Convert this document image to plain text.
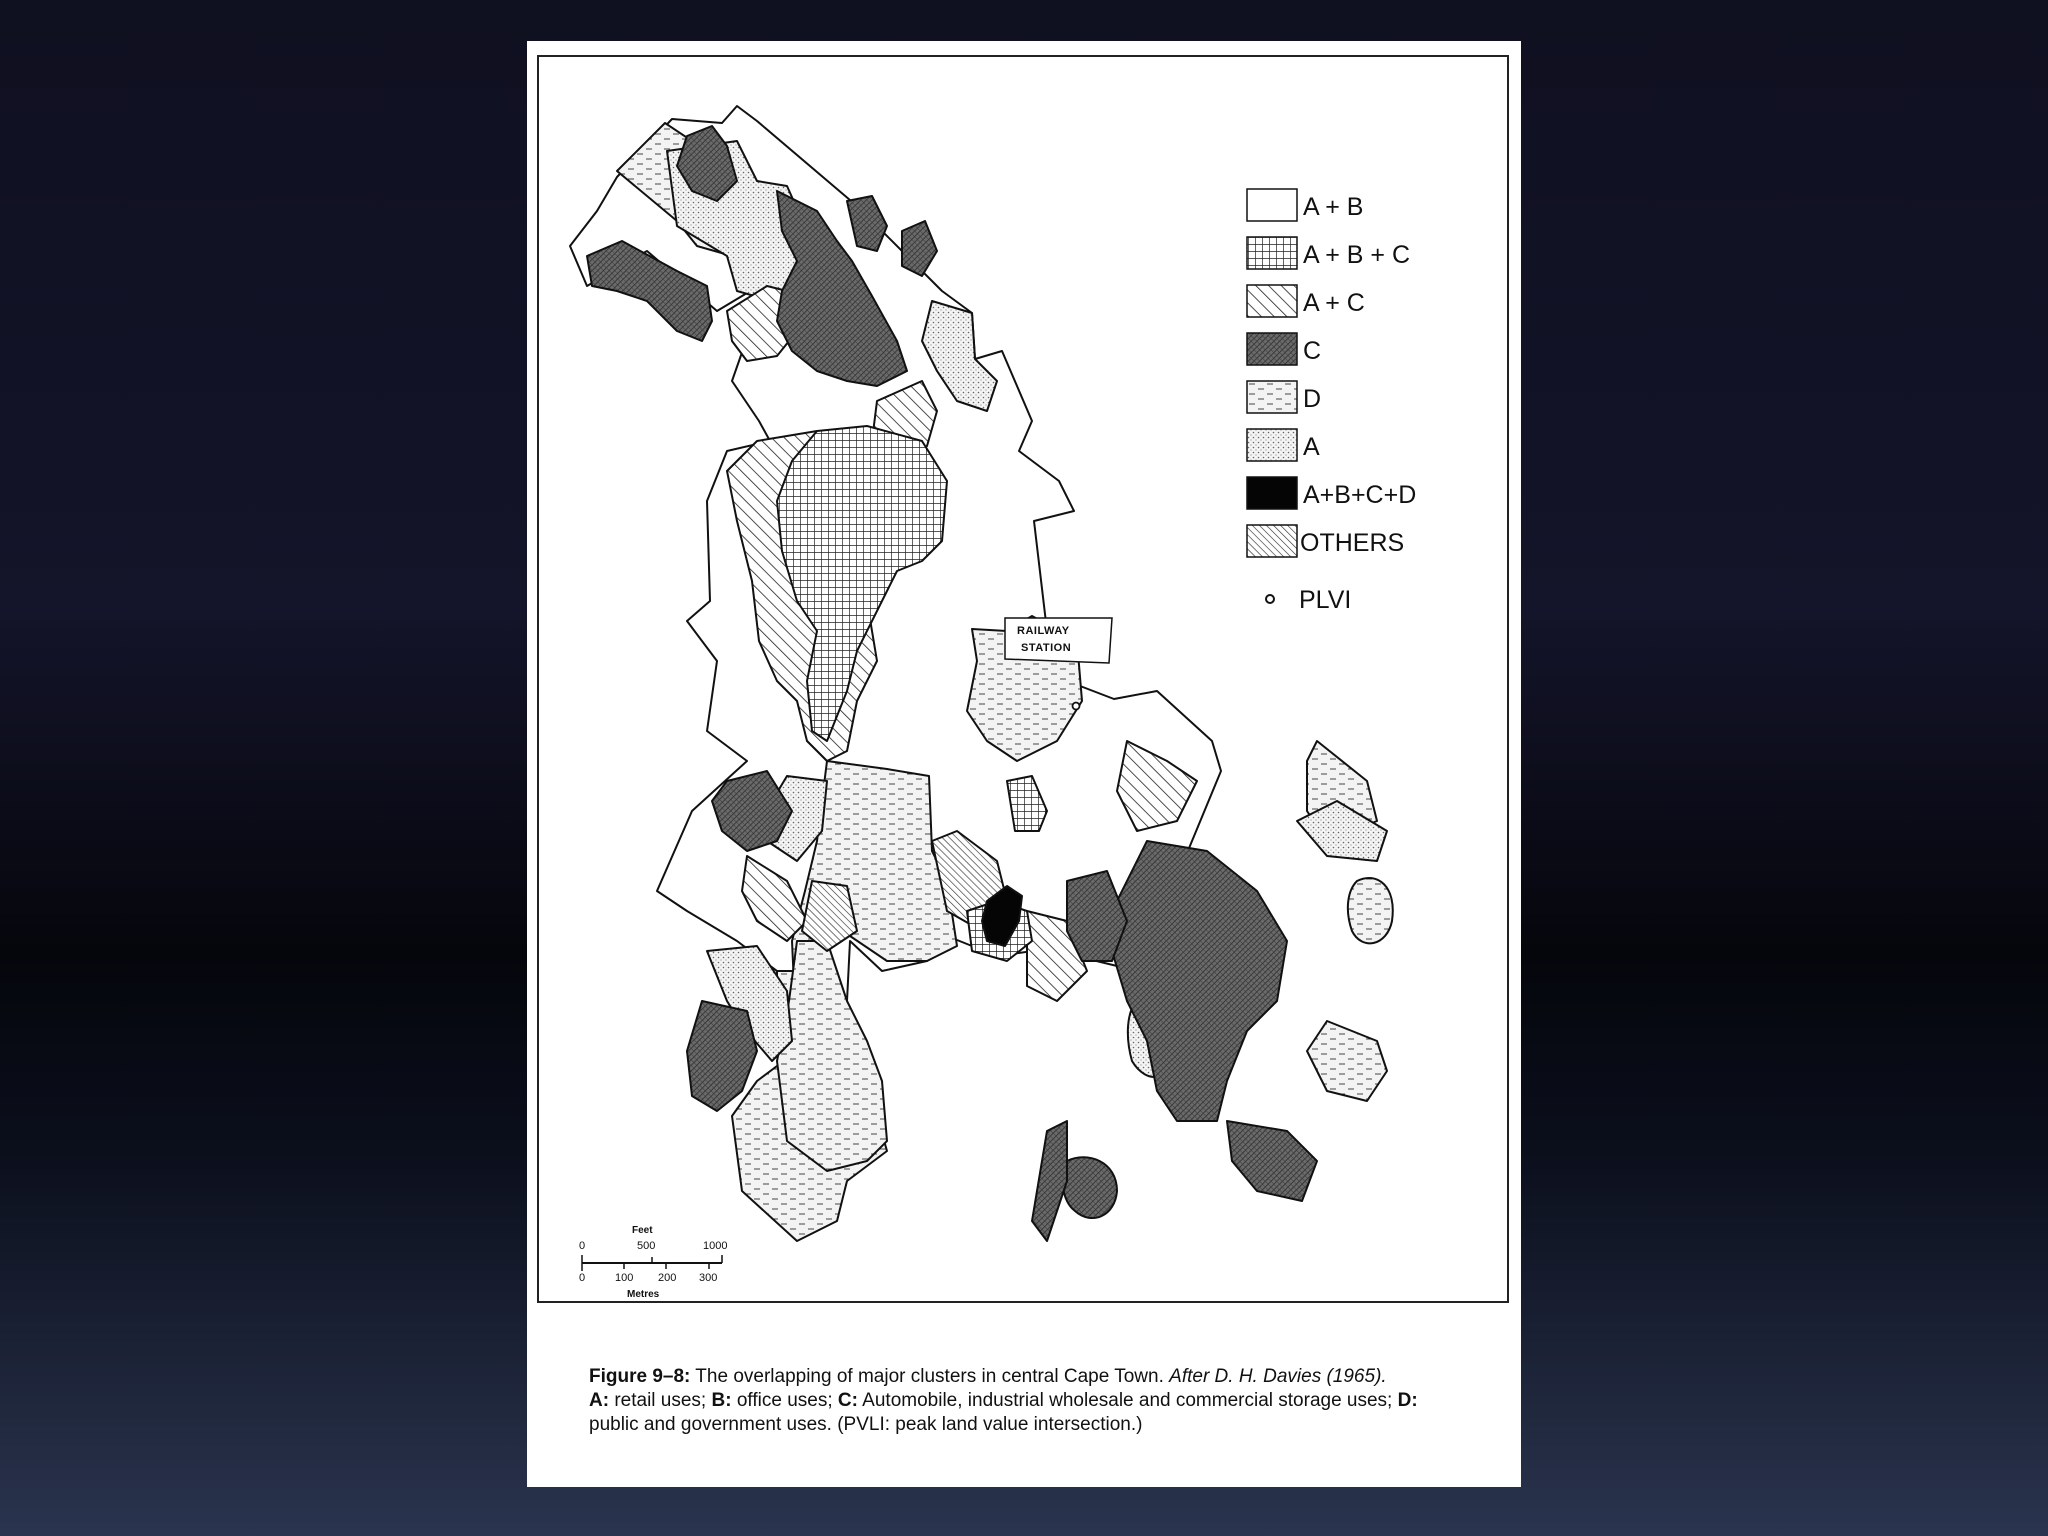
RAILWAY
STATION
A + B
A + B + C
A + C
C
D
A
A+B+C+D
OTHERS
PLVI
Feet
0	500	1000
0	100 200 300
Metres
Figure 9–8: The overlapping of major clusters in central Cape Town. After D. H. Davies (1965).
A: retail uses; B: office uses; C: Automobile, industrial wholesale and commercial storage uses; D: public and government uses. (PVLI: peak land value intersection.)
